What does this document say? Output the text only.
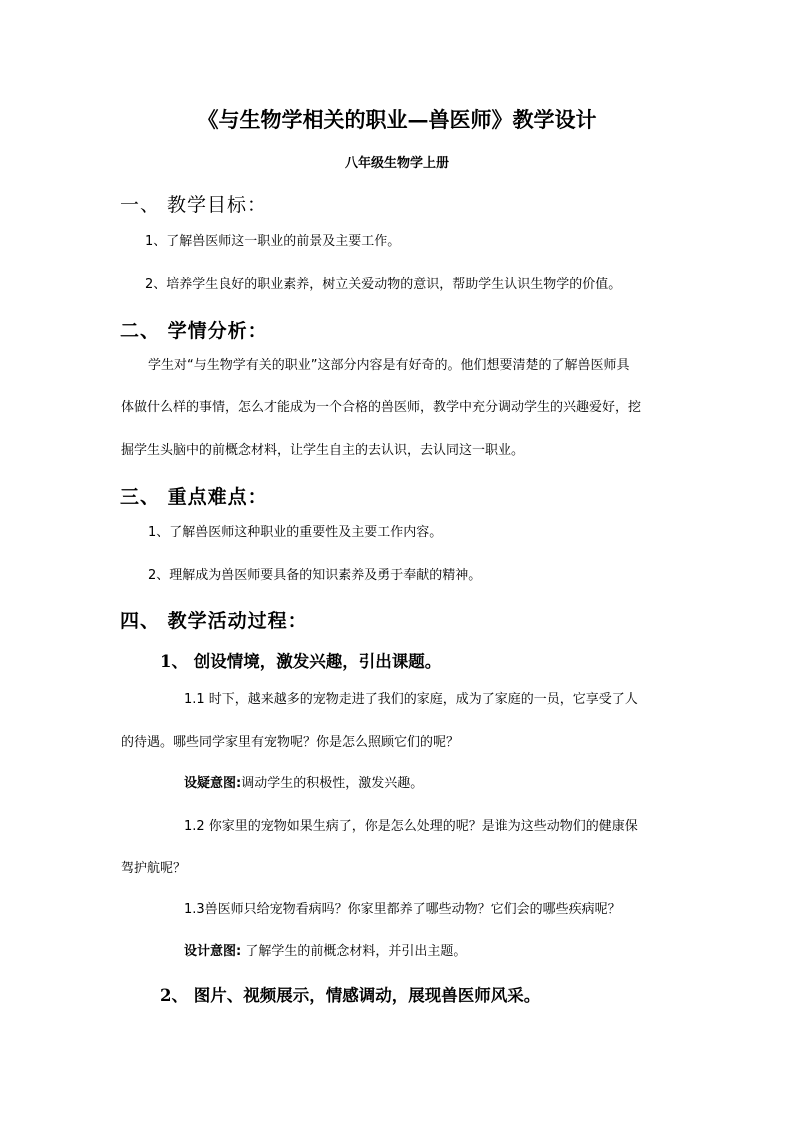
《与生物学相关的职业—兽医师》教学设计
八年级生物学上册
一、 教学目标：
1、了解兽医师这一职业的前景及主要工作。
2、培养学生良好的职业素养，树立关爱动物的意识，帮助学生认识生物学的价值。
二、 学情分析：
学生对“与生物学有关的职业”这部分内容是有好奇的。他们想要清楚的了解兽医师具
体做什么样的事情，怎么才能成为一个合格的兽医师，教学中充分调动学生的兴趣爱好，挖
掘学生头脑中的前概念材料，让学生自主的去认识，去认同这一职业。
三、 重点难点：
1、了解兽医师这种职业的重要性及主要工作内容。
2、理解成为兽医师要具备的知识素养及勇于奉献的精神。
四、 教学活动过程：
1、 创设情境，激发兴趣，引出课题。
1.1 时下，越来越多的宠物走进了我们的家庭，成为了家庭的一员，它享受了人
的待遇。哪些同学家里有宠物呢？你是怎么照顾它们的呢？
设疑意图:调动学生的积极性，激发兴趣。
1.2 你家里的宠物如果生病了，你是怎么处理的呢？是谁为这些动物们的健康保
驾护航呢？
1.3兽医师只给宠物看病吗？你家里都养了哪些动物？它们会的哪些疾病呢？
设计意图: 了解学生的前概念材料，并引出主题。
2、 图片、视频展示，情感调动，展现兽医师风采。
